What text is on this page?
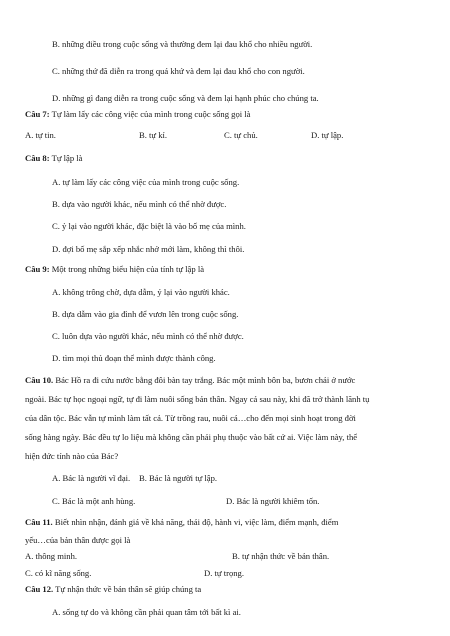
B. những điều trong cuộc sống và thường đem lại đau khổ cho nhiều người.
C. những thứ đã diễn ra trong quá khứ và đem lại đau khổ cho con người.
D. những gì đang diễn ra trong cuộc sống và đem lại hạnh phúc cho chúng ta.
Câu 7: Tự làm lấy các công việc của mình trong cuộc sống gọi là
A. tự tin.	B. tự kỉ.	C. tự chủ.	D. tự lập.
Câu 8: Tự lập là
A. tự làm lấy các công việc của mình trong cuộc sống.
B. dựa vào người khác, nếu mình có thể nhờ được.
C. ỷ lại vào người khác, đặc biệt là vào bố mẹ của mình.
D. đợi bố mẹ sắp xếp nhắc nhở mới làm, không thì thôi.
Câu 9: Một trong những biểu hiện của tính tự lập là
A. không trông chờ, dựa dẫm, ỷ lại vào người khác.
B. dựa dẫm vào gia đình để vươn lên trong cuộc sống.
C. luôn dựa vào người khác, nếu mình có thể nhờ được.
D. tìm mọi thủ đoạn thể mình được thành công.
Câu 10. Bác Hồ ra đi cứu nước bằng đôi bàn tay trắng. Bác một mình bôn ba, bươn chải ở nước
ngoài. Bác tự học ngoại ngữ, tự đi làm nuôi sống bản thân. Ngay cả sau này, khi đã trở thành lãnh tụ
của dân tộc. Bác vẫn tự mình làm tất cả. Từ trồng rau, nuôi cá…cho đến mọi sinh hoạt trong đời
sống hàng ngày. Bác đều tự lo liệu mà không cần phải phụ thuộc vào bất cứ ai. Việc làm này, thể
hiện đức tính nào của Bác?
A. Bác là người vĩ đại. B. Bác là người tự lập.
C. Bác là một anh hùng.	D. Bác là người khiêm tốn.
Câu 11. Biết nhìn nhận, đánh giá về khả năng, thái độ, hành vi, việc làm, điểm mạnh, điểm
yếu…của bản thân được gọi là
A. thông minh.	B. tự nhận thức về bản thân.
C. có kĩ năng sống.	D. tự trọng.
Câu 12. Tự nhận thức về bản thân sẽ giúp chúng ta
A. sống tự do và không cần phải quan tâm tới bất kì ai.
